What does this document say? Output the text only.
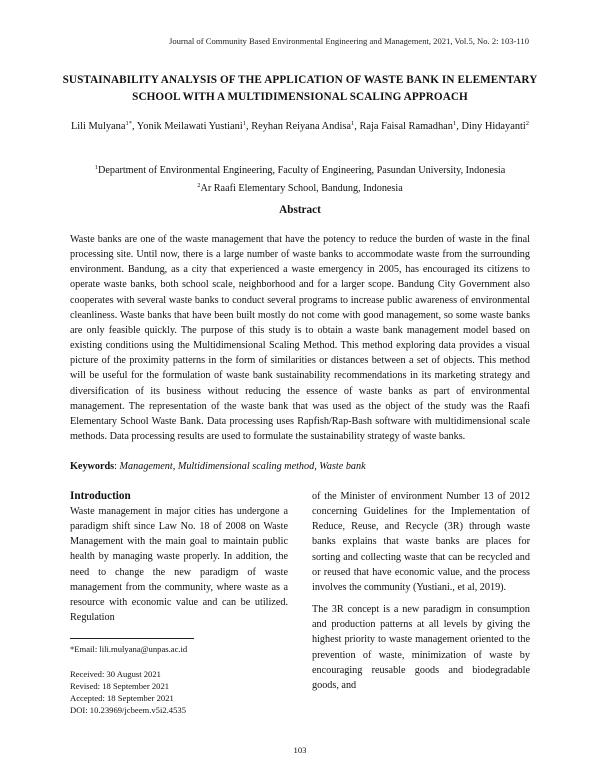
Journal of Community Based Environmental Engineering and Management, 2021, Vol.5, No. 2: 103-110
SUSTAINABILITY ANALYSIS OF THE APPLICATION OF WASTE BANK IN ELEMENTARY SCHOOL WITH A MULTIDIMENSIONAL SCALING APPROACH
Lili Mulyana$^{1*}$, Yonik Meilawati Yustiani$^1$, Reyhan Reiyana Andisa$^1$, Raja Faisal Ramadhan$^1$, Diny Hidayanti$^2$
$^1$Department of Environmental Engineering, Faculty of Engineering, Pasundan University, Indonesia
$^2$Ar Raafi Elementary School, Bandung, Indonesia
Abstract
Waste banks are one of the waste management that have the potency to reduce the burden of waste in the final processing site. Until now, there is a large number of waste banks to accommodate waste from the surrounding environment. Bandung, as a city that experienced a waste emergency in 2005, has encouraged its citizens to operate waste banks, both school scale, neighborhood and for a larger scope. Bandung City Government also cooperates with several waste banks to conduct several programs to increase public awareness of environmental cleanliness. Waste banks that have been built mostly do not come with good management, so some waste banks are only feasible quickly. The purpose of this study is to obtain a waste bank management model based on existing conditions using the Multidimensional Scaling Method. This method exploring data provides a visual picture of the proximity patterns in the form of similarities or distances between a set of objects. This method will be useful for the formulation of waste bank sustainability recommendations in its marketing strategy and diversification of its business without reducing the essence of waste banks as part of environmental management. The representation of the waste bank that was used as the object of the study was the Raafi Elementary School Waste Bank. Data processing uses Rapfish/Rap-Bash software with multidimensional scale methods. Data processing results are used to formulate the sustainability strategy of waste banks.
Keywords: Management, Multidimensional scaling method, Waste bank
Introduction

Waste management in major cities has undergone a paradigm shift since Law No. 18 of 2008 on Waste Management with the main goal to maintain public health by managing waste properly. In addition, the need to change the new paradigm of waste management from the community, where waste as a resource with economic value and can be utilized. Regulation

of the Minister of environment Number 13 of 2012 concerning Guidelines for the Implementation of Reduce, Reuse, and Recycle (3R) through waste banks explains that waste banks are places for sorting and collecting waste that can be recycled and or reused that have economic value, and the process involves the community (Yustiani., et al, 2019).

The 3R concept is a new paradigm in consumption and production patterns at all levels by giving the highest priority to waste management oriented to the prevention of waste, minimization of waste by encouraging reusable goods and biodegradable goods, and

*Email: lili.mulyana@unpas.ac.id
Received: 30 August 2021
Revised: 18 September 2021
Accepted: 18 September 2021
DOI: 10.23969/jcbeem.v5i2.4535
103
